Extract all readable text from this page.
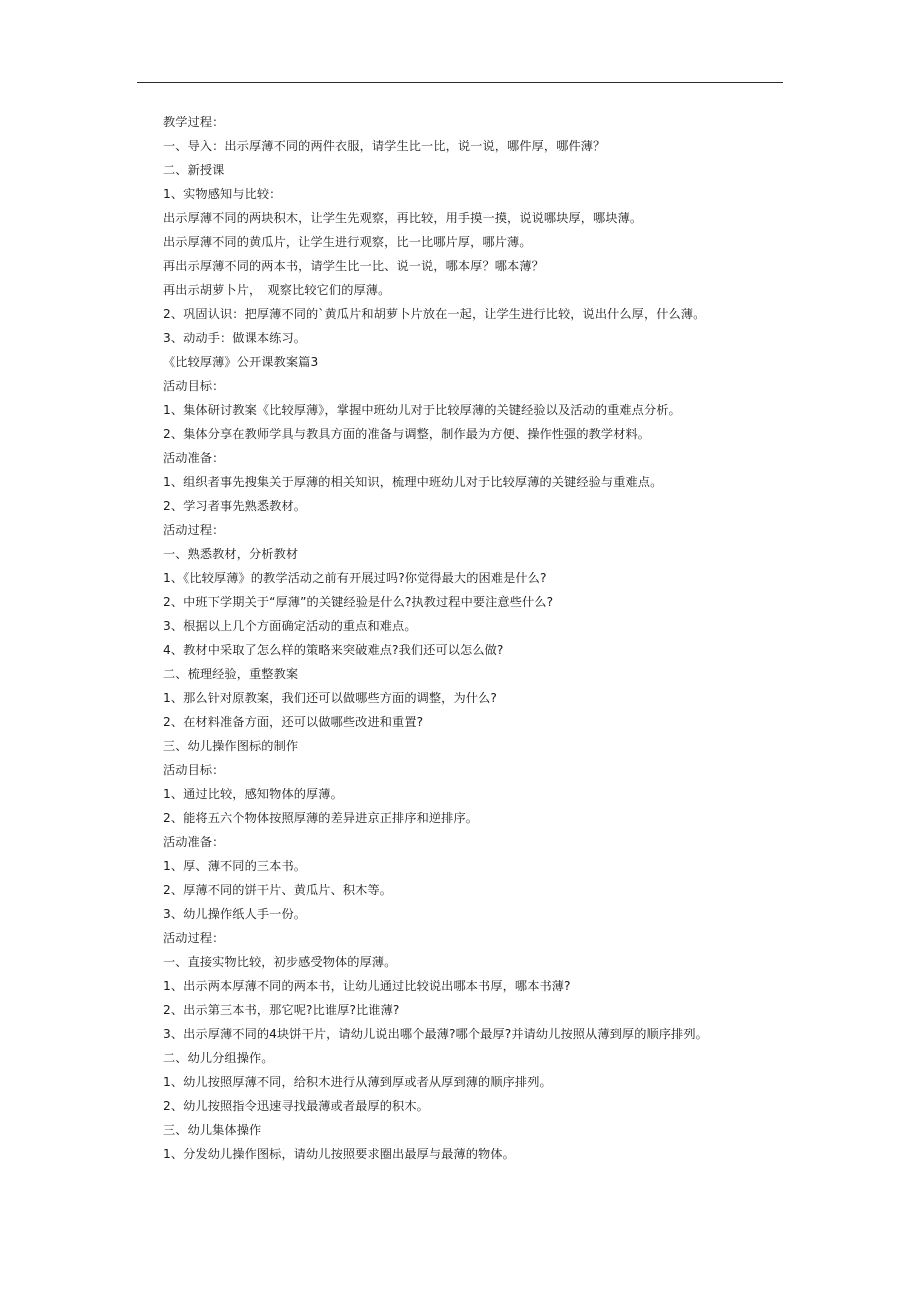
教学过程：
一、导入：出示厚薄不同的两件衣服，请学生比一比，说一说，哪件厚，哪件薄？
二、新授课
1、实物感知与比较：
出示厚薄不同的两块积木，让学生先观察，再比较，用手摸一摸，说说哪块厚，哪块薄。
出示厚薄不同的黄瓜片，让学生进行观察，比一比哪片厚，哪片薄。
再出示厚薄不同的两本书，请学生比一比、说一说，哪本厚？哪本薄？
再出示胡萝卜片，　观察比较它们的厚薄。
2、巩固认识：把厚薄不同的`黄瓜片和胡萝卜片放在一起，让学生进行比较，说出什么厚，什么薄。
3、动动手：做课本练习。
《比较厚薄》公开课教案篇3
活动目标：
1、集体研讨教案《比较厚薄》，掌握中班幼儿对于比较厚薄的关键经验以及活动的重难点分析。
2、集体分享在教师学具与教具方面的准备与调整，制作最为方便、操作性强的教学材料。
活动准备：
1、组织者事先搜集关于厚薄的相关知识，梳理中班幼儿对于比较厚薄的关键经验与重难点。
2、学习者事先熟悉教材。
活动过程：
一、熟悉教材，分析教材
1、《比较厚薄》的教学活动之前有开展过吗?你觉得最大的困难是什么?
2、中班下学期关于“厚薄”的关键经验是什么?执教过程中要注意些什么?
3、根据以上几个方面确定活动的重点和难点。
4、教材中采取了怎么样的策略来突破难点?我们还可以怎么做?
二、梳理经验，重整教案
1、那么针对原教案，我们还可以做哪些方面的调整，为什么?
2、在材料准备方面，还可以做哪些改进和重置?
三、幼儿操作图标的制作
活动目标：
1、通过比较，感知物体的厚薄。
2、能将五六个物体按照厚薄的差异进京正排序和逆排序。
活动准备：
1、厚、薄不同的三本书。
2、厚薄不同的饼干片、黄瓜片、积木等。
3、幼儿操作纸人手一份。
活动过程：
一、直接实物比较，初步感受物体的厚薄。
1、出示两本厚薄不同的两本书，让幼儿通过比较说出哪本书厚，哪本书薄?
2、出示第三本书，那它呢?比谁厚?比谁薄?
3、出示厚薄不同的4块饼干片，请幼儿说出哪个最薄?哪个最厚?并请幼儿按照从薄到厚的顺序排列。
二、幼儿分组操作。
1、幼儿按照厚薄不同，给积木进行从薄到厚或者从厚到薄的顺序排列。
2、幼儿按照指令迅速寻找最薄或者最厚的积木。
三、幼儿集体操作
1、分发幼儿操作图标，请幼儿按照要求圈出最厚与最薄的物体。
